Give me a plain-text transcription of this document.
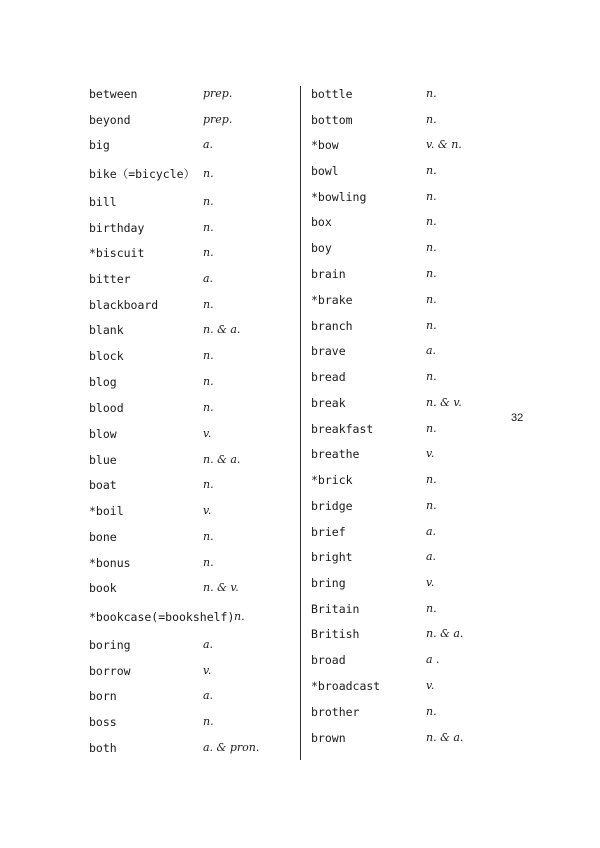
between	prep.
beyond	prep.
big	a.
bike（=bicycle） n.
bill	n.
birthday	n.
*biscuit	n.
bitter	a.
blackboard	n.
blank	n. & a.
block	n.
blog	n.
blood	n.
blow	v.
blue	n. & a.
boat	n.
*boil	v.
bone	n.
*bonus	n.
book	n. & v.
*bookcase(=bookshelf) n.
boring	a.
borrow	v.
born	a.
boss	n.
both	a. & pron.
bottle	n.
bottom	n.
*bow	v. & n.
bowl	n.
*bowling	n.
box	n.
boy	n.
brain	n.
*brake	n.
branch	n.
brave	a.
bread	n.
break	n. & v.
breakfast	n.
breathe	v.
*brick	n.
bridge	n.
brief	a.
bright	a.
bring	v.
Britain	n.
British	n. & a.
broad	a .
*broadcast	v.
brother	n.
brown	n. & a.
32
